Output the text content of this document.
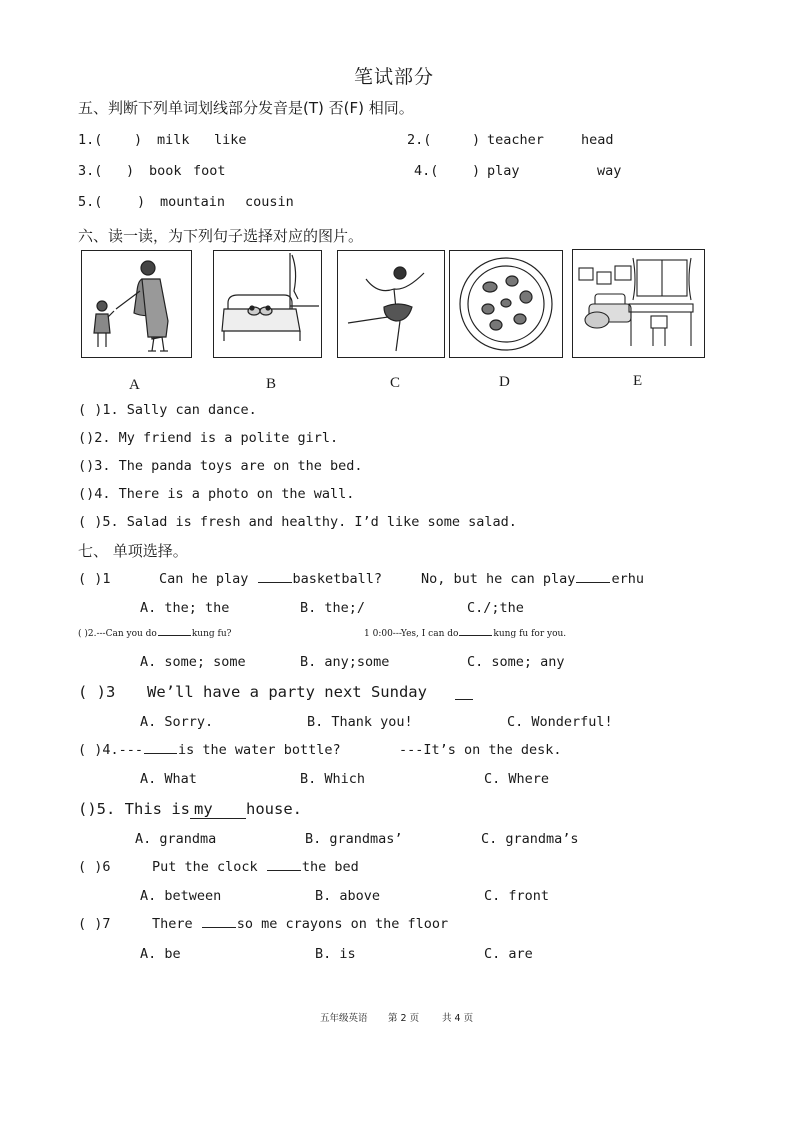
笔试部分
五、判断下列单词划线部分发音是(T) 否(F) 相同。
1.( ) milk like	2.(	) teacher	head
3.( ) book foot	4.( ) play	way
5.(	) mountain cousin
六、读一读，为下列句子选择对应的图片。
A	B	C	D	E
( )1. Sally can dance.
()2. My friend is a polite girl.
()3. The panda toys are on the bed.
()4. There is a photo on the wall.
( )5. Salad is fresh and healthy. I’d like some salad.
七、 单项选择。
( )1	Can he play	basketball?	No, but he can play	erhu
A. the; the	B. the;/	C./;the
( )2.---Can you do	kung fu?	1 0:00---Yes, I can do	kung fu for you.
A. some; some	B. any;some	C. some; any
( )3 We’ll have a party next Sunday
A. Sorry.	B. Thank you!	C. Wonderful!
( )4.---	is the water bottle?	---It’s on the desk.
A. What	B. Which	C. Where
()5. This is my house.
A. grandma	B. grandmas’	C. grandma’s
( )6	Put the clock	the bed
A. between	B. above	C. front
( )7	There	so me crayons on the floor
A. be	B. is	C. are
五年级英语 第 2 页 共 4 页
